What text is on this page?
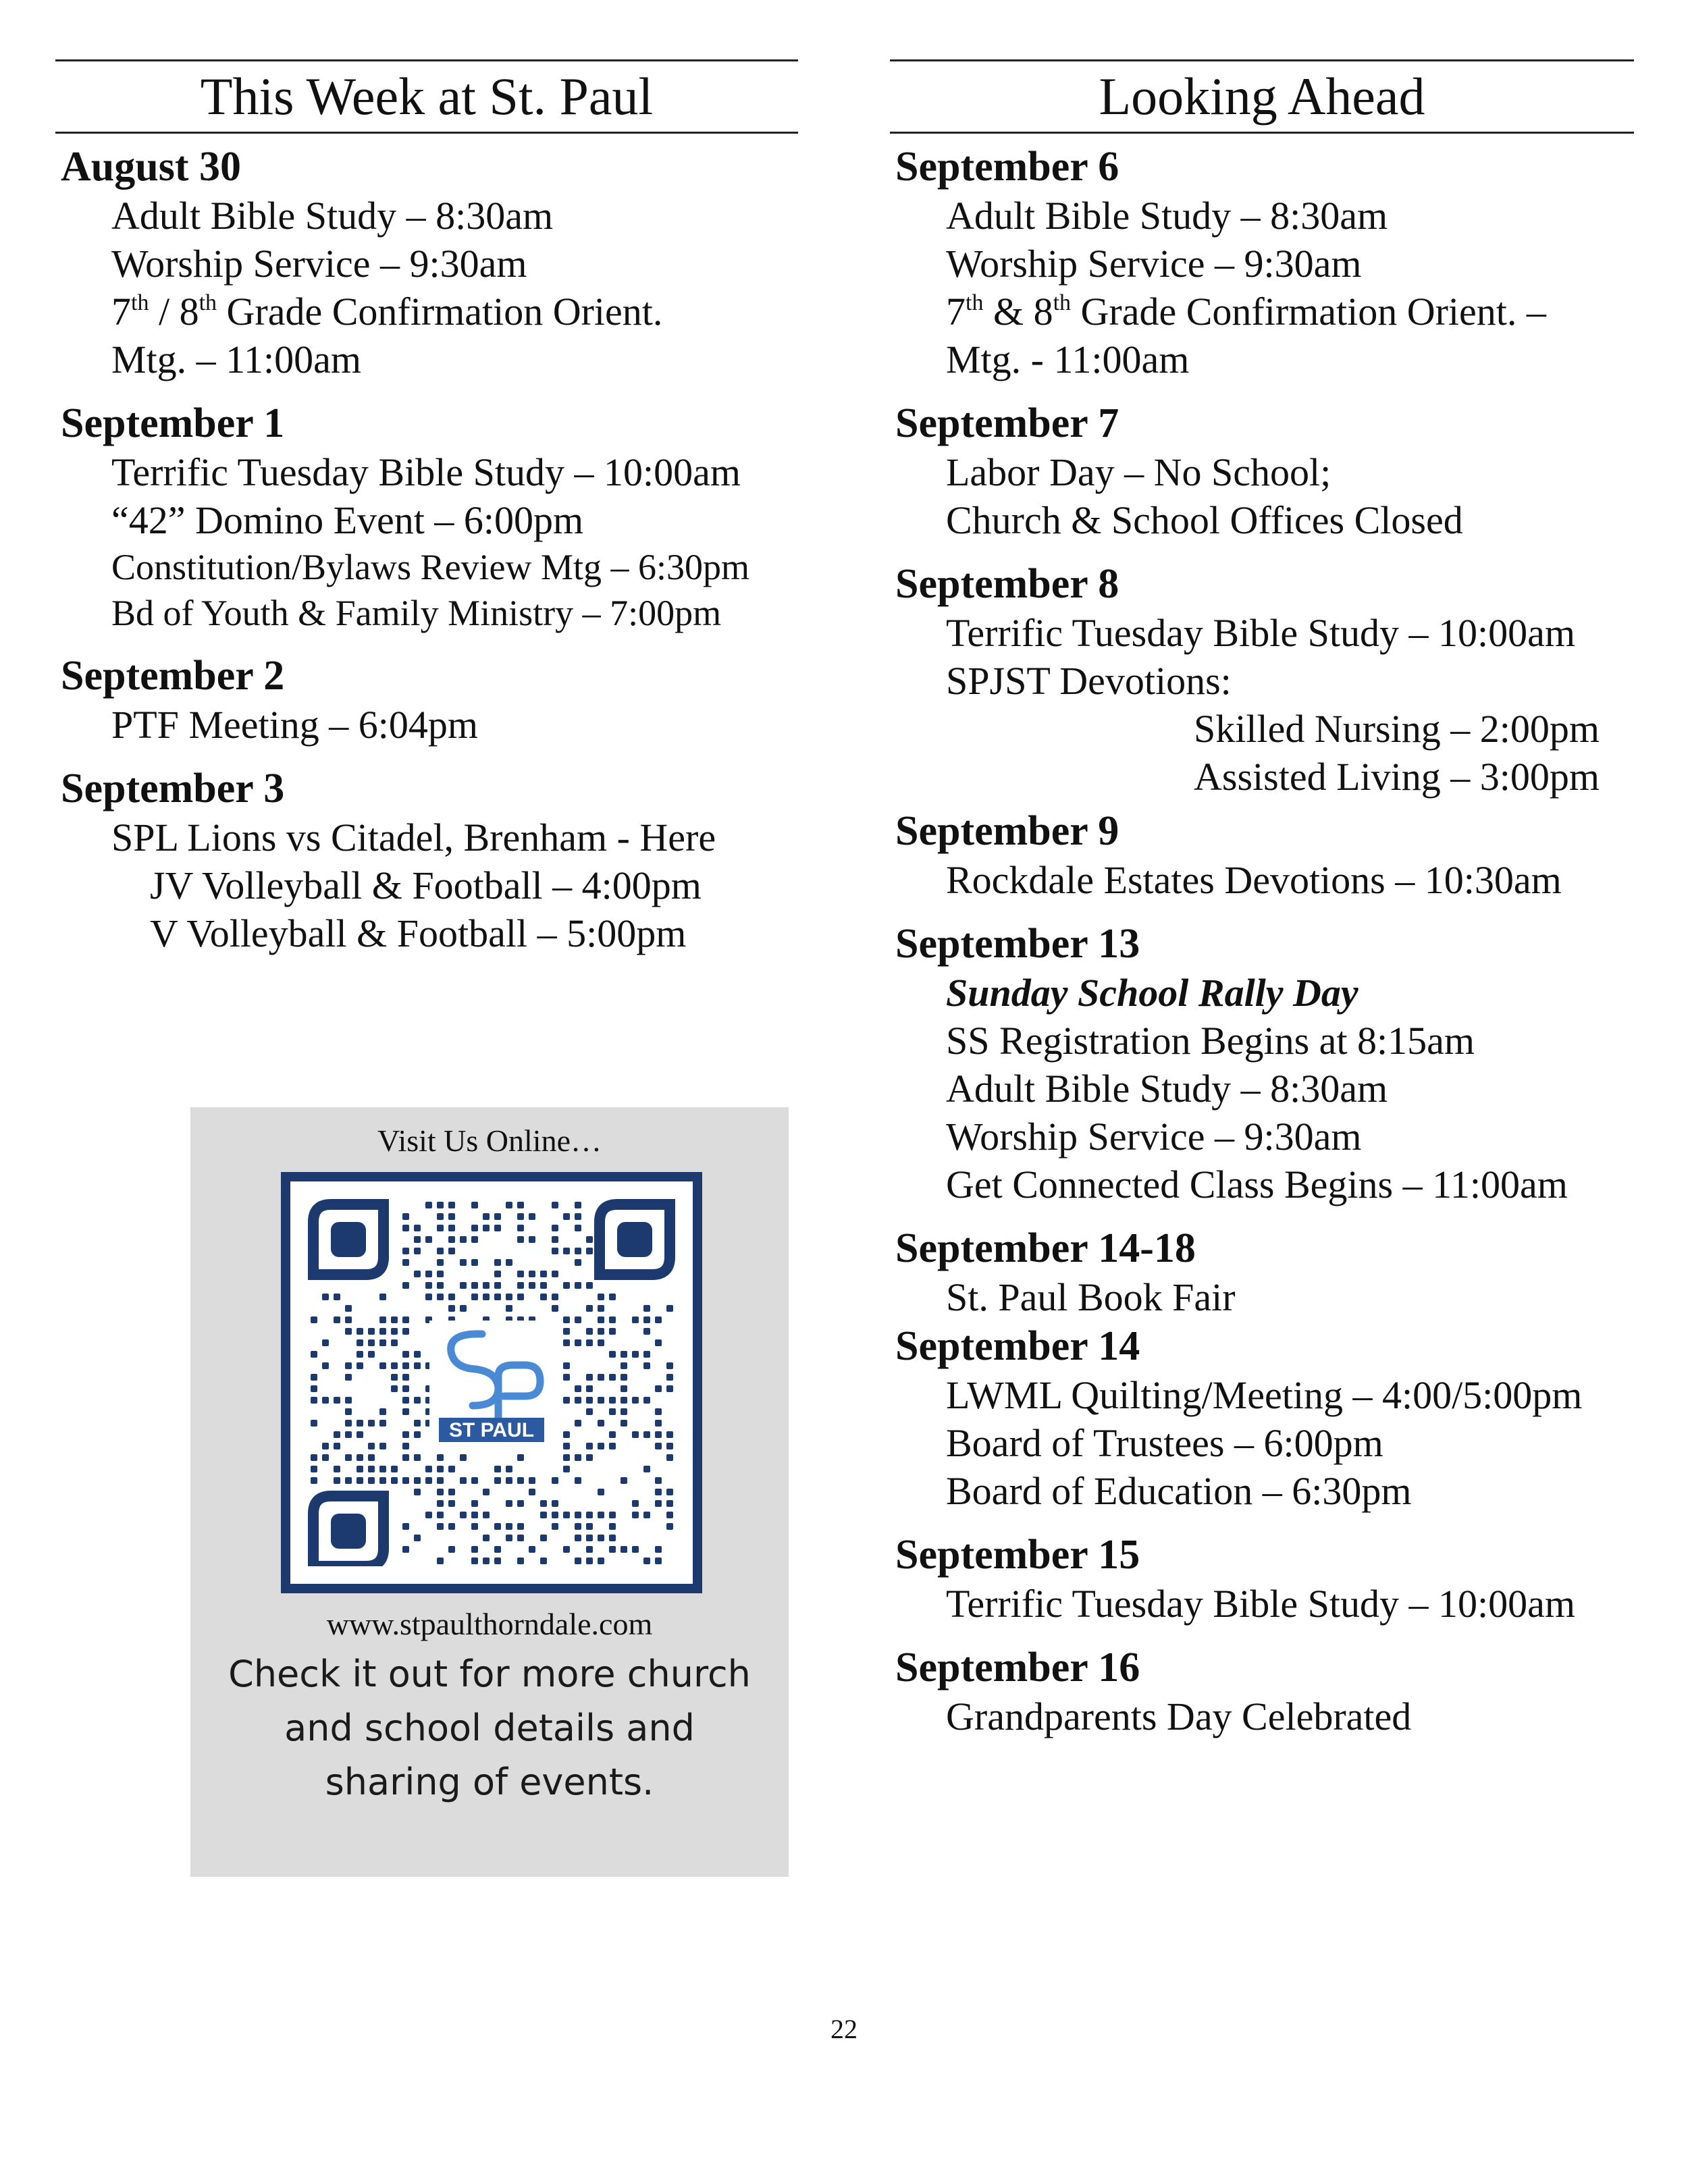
This Week at St. Paul
August 30
Adult Bible Study – 8:30am
Worship Service – 9:30am
7th / 8th Grade Confirmation Orient.
Mtg. – 11:00am
September 1
Terrific Tuesday Bible Study – 10:00am
“42” Domino Event – 6:00pm
Constitution/Bylaws Review Mtg – 6:30pm
Bd of Youth & Family Ministry – 7:00pm
September 2
PTF Meeting – 6:04pm
September 3
SPL Lions vs Citadel, Brenham - Here
JV Volleyball & Football – 4:00pm
V Volleyball & Football – 5:00pm
Visit Us Online…
ST PAUL
www.stpaulthorndale.com
Check it out for more church and school details and sharing of events.
Looking Ahead
September 6
Adult Bible Study – 8:30am
Worship Service – 9:30am
7th & 8th Grade Confirmation Orient. –
Mtg. - 11:00am
September 7
Labor Day – No School;
Church & School Offices Closed
September 8
Terrific Tuesday Bible Study – 10:00am
SPJST Devotions:
Skilled Nursing – 2:00pm
Assisted Living – 3:00pm
September 9
Rockdale Estates Devotions – 10:30am
September 13
Sunday School Rally Day
SS Registration Begins at 8:15am
Adult Bible Study – 8:30am
Worship Service – 9:30am
Get Connected Class Begins – 11:00am
September 14-18
St. Paul Book Fair
September 14
LWML Quilting/Meeting – 4:00/5:00pm
Board of Trustees – 6:00pm
Board of Education – 6:30pm
September 15
Terrific Tuesday Bible Study – 10:00am
September 16
Grandparents Day Celebrated
22
